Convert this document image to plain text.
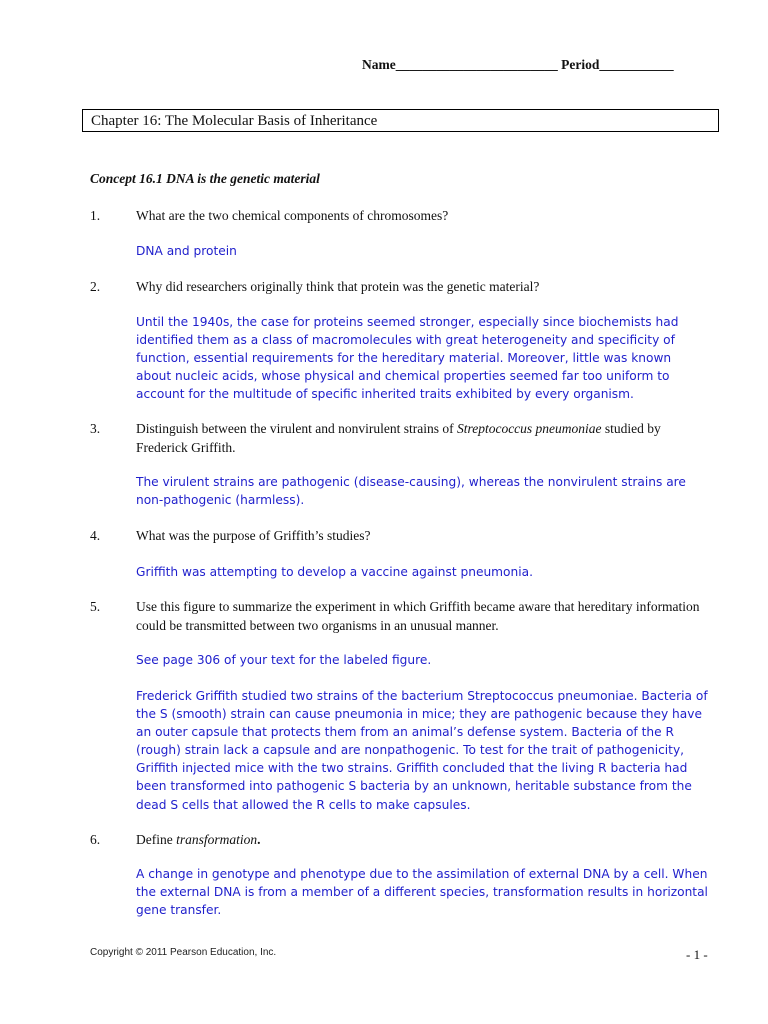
Name________________________ Period___________
Chapter 16: The Molecular Basis of Inheritance
Concept 16.1 DNA is the genetic material
1.	What are the two chemical components of chromosomes?
DNA and protein
2.	Why did researchers originally think that protein was the genetic material?
Until the 1940s, the case for proteins seemed stronger, especially since biochemists had identified them as a class of macromolecules with great heterogeneity and specificity of function, essential requirements for the hereditary material. Moreover, little was known about nucleic acids, whose physical and chemical properties seemed far too uniform to account for the multitude of specific inherited traits exhibited by every organism.
3.	Distinguish between the virulent and nonvirulent strains of Streptococcus pneumoniae studied by Frederick Griffith.
The virulent strains are pathogenic (disease-causing), whereas the nonvirulent strains are non-pathogenic (harmless).
4.	What was the purpose of Griffith’s studies?
Griffith was attempting to develop a vaccine against pneumonia.
5.	Use this figure to summarize the experiment in which Griffith became aware that hereditary information could be transmitted between two organisms in an unusual manner.
See page 306 of your text for the labeled figure.
Frederick Griffith studied two strains of the bacterium Streptococcus pneumoniae. Bacteria of the S (smooth) strain can cause pneumonia in mice; they are pathogenic because they have an outer capsule that protects them from an animal’s defense system. Bacteria of the R (rough) strain lack a capsule and are nonpathogenic. To test for the trait of pathogenicity, Griffith injected mice with the two strains. Griffith concluded that the living R bacteria had been transformed into pathogenic S bacteria by an unknown, heritable substance from the dead S cells that allowed the R cells to make capsules.
6.	Define transformation.
A change in genotype and phenotype due to the assimilation of external DNA by a cell. When the external DNA is from a member of a different species, transformation results in horizontal gene transfer.
Copyright © 2011 Pearson Education, Inc.	- 1 -
